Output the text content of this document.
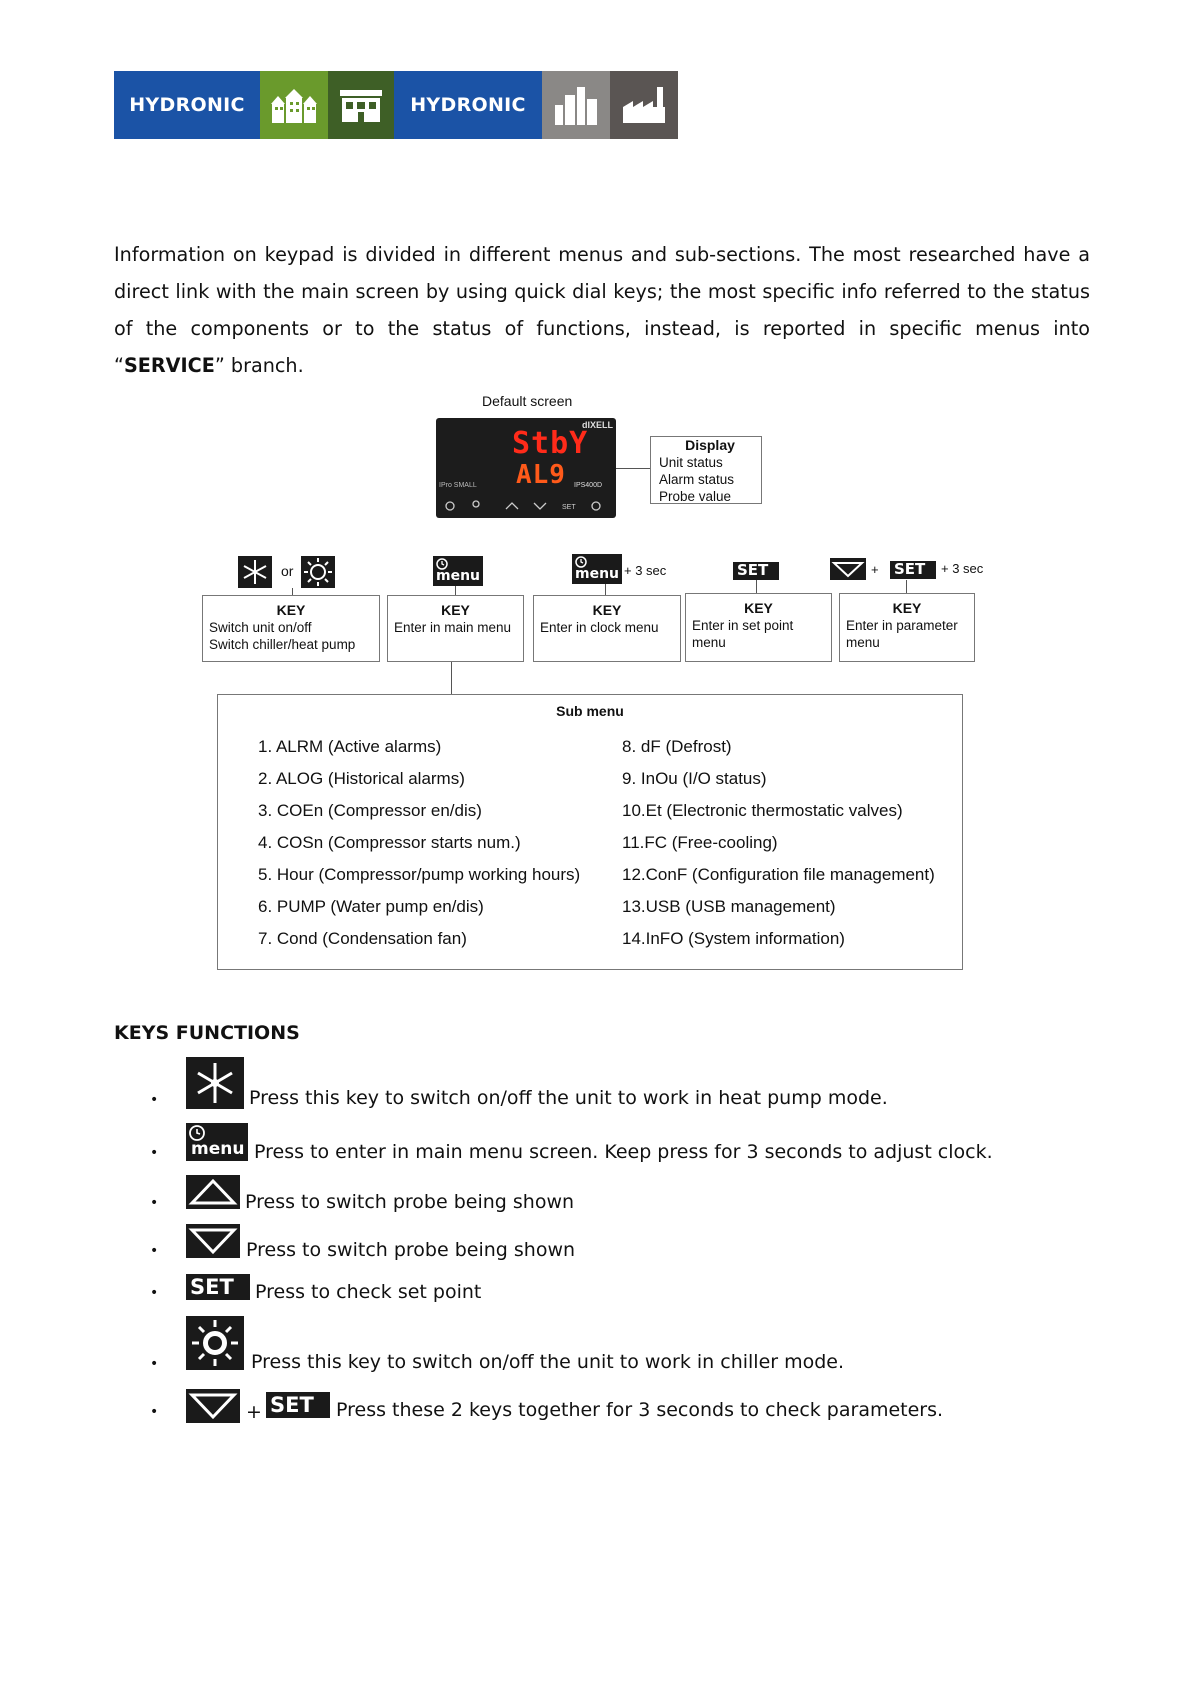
HYDRONIC	HYDRONIC

Information on keypad is divided in different menus and sub-sections. The most researched have a direct link with the main screen by using quick dial keys; the most specific info referred to the status of the components or to the status of functions, instead, is reported in specific menus into “SERVICE” branch.

Default screen
StbY
AL9
dIXELL
IPS400D
IPro SMALL
SET
Display
Unit status
Alarm status
Probe value
or	menu	menu + 3 sec	SET	+ SET + 3 sec
KEY
Switch unit on/off
Switch chiller/heat pump
KEY
Enter in main menu
KEY
Enter in clock menu
KEY
Enter in set point
menu
KEY
Enter in parameter
menu
Sub menu
1. ALRM (Active alarms)
2. ALOG (Historical alarms)
3. COEn (Compressor en/dis)
4. COSn (Compressor starts num.)
5. Hour (Compressor/pump working hours)
6. PUMP (Water pump en/dis)
7. Cond (Condensation fan)
8. dF (Defrost)
9. InOu (I/O status)
10.Et (Electronic thermostatic valves)
11.FC (Free-cooling)
12.ConF (Configuration file management)
13.USB (USB management)
14.InFO (System information)
KEYS FUNCTIONS
•	Press this key to switch on/off the unit to work in heat pump mode.
• menu Press to enter in main menu screen. Keep press for 3 seconds to adjust clock.
•	Press to switch probe being shown
•	Press to switch probe being shown
• SET Press to check set point
•	Press this key to switch on/off the unit to work in chiller mode.
•	+ SET Press these 2 keys together for 3 seconds to check parameters.
